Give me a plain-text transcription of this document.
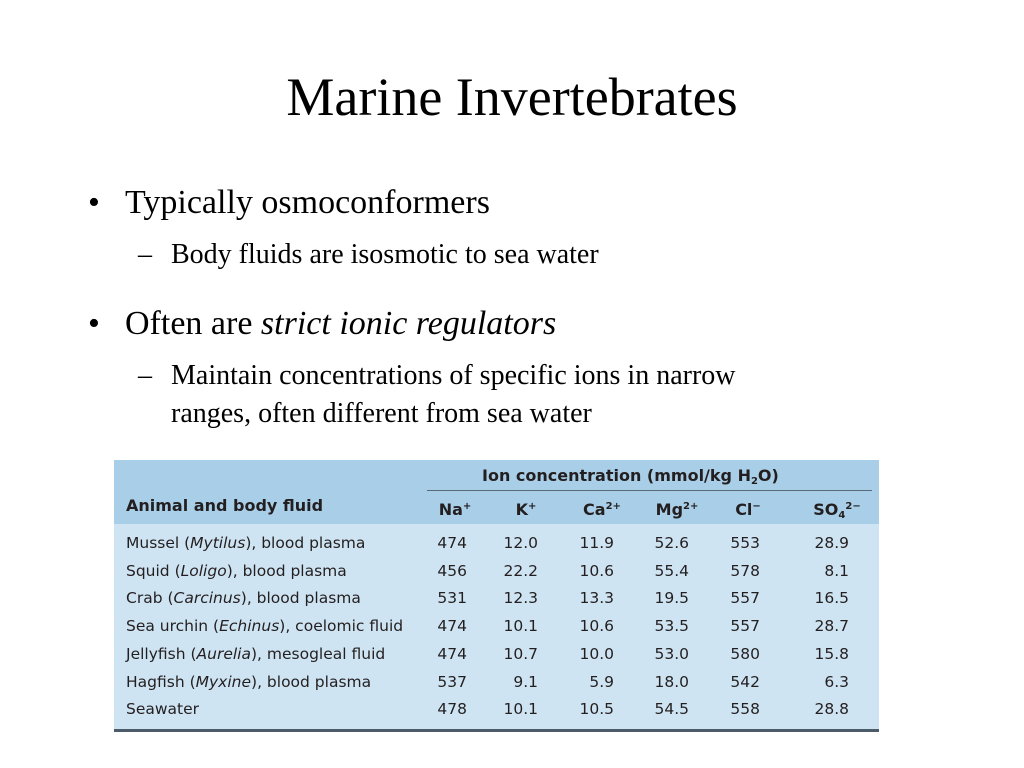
Marine Invertebrates
• Typically osmoconformers
– Body fluids are isosmotic to sea water
• Often are strict ionic regulators
– Maintain concentrations of specific ions in narrow
ranges, often different from sea water
Ion concentration (mmol/kg $H_2O$)
Animal and body fluid	Na+	K+	$Ca^{2+}$	$Mg^{2+}$	Cl−	$SO_4^{2-}$
Mussel (Mytilus), blood plasma	474	12.0	11.9	52.6	553	28.9
Squid (Loligo), blood plasma	456	22.2	10.6	55.4	578	8.1
Crab (Carcinus), blood plasma	531	12.3	13.3	19.5	557	16.5
Sea urchin (Echinus), coelomic fluid	474	10.1	10.6	53.5	557	28.7
Jellyfish (Aurelia), mesogleal fluid	474	10.7	10.0	53.0	580	15.8
Hagfish (Myxine), blood plasma	537	9.1	5.9	18.0	542	6.3
Seawater	478	10.1	10.5	54.5	558	28.8
